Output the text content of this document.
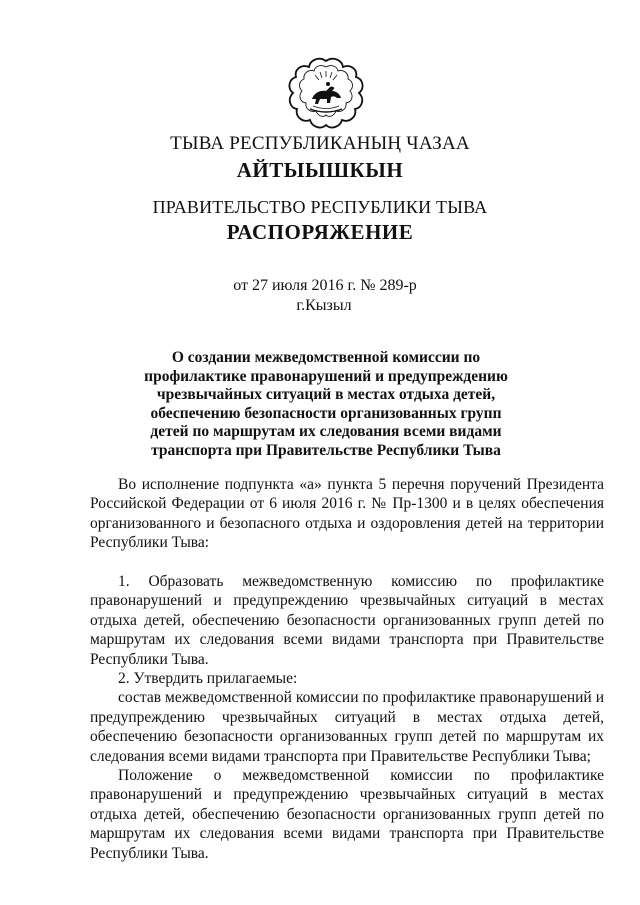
ТЫВА РЕСПУБЛИКАНЫҢ ЧАЗАА
АЙТЫЫШКЫН
ПРАВИТЕЛЬСТВО РЕСПУБЛИКИ ТЫВА
РАСПОРЯЖЕНИЕ
от 27 июля 2016 г. № 289-р
г.Кызыл
О создании межведомственной комиссии по
профилактике правонарушений и предупреждению
чрезвычайных ситуаций в местах отдыха детей,
обеспечению безопасности организованных групп
детей по маршрутам их следования всеми видами
транспорта при Правительстве Республики Тыва

Во исполнение подпункта «а» пункта 5 перечня поручений Президента Российской Федерации от 6 июля 2016 г. № Пр-1300 и в целях обеспечения организованного и безопасного отдыха и оздоровления детей на территории Республики Тыва:

1. Образовать межведомственную комиссию по профилактике правонарушений и предупреждению чрезвычайных ситуаций в местах отдыха детей, обеспечению безопасности организованных групп детей по маршрутам их следования всеми видами транспорта при Правительстве Республики Тыва.

2. Утвердить прилагаемые:

состав межведомственной комиссии по профилактике правонарушений и предупреждению чрезвычайных ситуаций в местах отдыха детей, обеспечению безопасности организованных групп детей по маршрутам их следования всеми видами транспорта при Правительстве Республики Тыва;

Положение о межведомственной комиссии по профилактике правонарушений и предупреждению чрезвычайных ситуаций в местах отдыха детей, обеспечению безопасности организованных групп детей по маршрутам их следования всеми видами транспорта при Правительстве Республики Тыва.
